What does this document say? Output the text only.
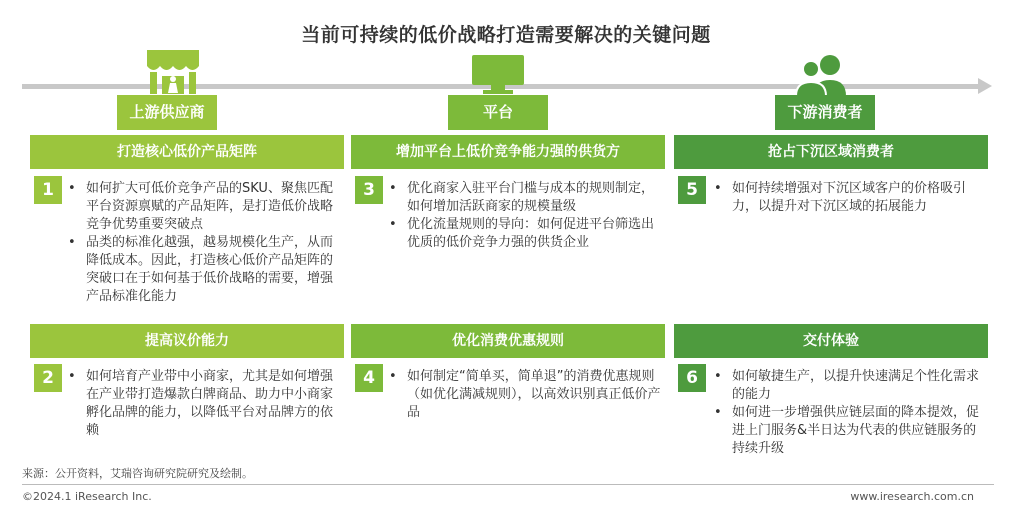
当前可持续的低价战略打造需要解决的关键问题
上游供应商	平台	下游消费者
打造核心低价产品矩阵	增加平台上低价竞争能力强的供货方	抢占下沉区域消费者
1	3	5
• 如何扩大可低价竞争产品的SKU、聚焦匹配平台资源禀赋的产品矩阵，是打造低价战略竞争优势重要突破点
• 品类的标准化越强，越易规模化生产，从而降低成本。因此，打造核心低价产品矩阵的突破口在于如何基于低价战略的需要，增强产品标准化能力
• 优化商家入驻平台门槛与成本的规则制定，如何增加活跃商家的规模量级
• 优化流量规则的导向：如何促进平台筛选出优质的低价竞争力强的供货企业
• 如何持续增强对下沉区域客户的价格吸引力，以提升对下沉区域的拓展能力
提高议价能力	优化消费优惠规则	交付体验
2	4	6
• 如何培育产业带中小商家，尤其是如何增强在产业带打造爆款白牌商品、助力中小商家孵化品牌的能力，以降低平台对品牌方的依赖
• 如何制定“简单买，简单退”的消费优惠规则（如优化满减规则），以高效识别真正低价产品
• 如何敏捷生产，以提升快速满足个性化需求的能力
• 如何进一步增强供应链层面的降本提效，促进上门服务&半日达为代表的供应链服务的持续升级
来源：公开资料，艾瑞咨询研究院研究及绘制。
©2024.1 iResearch Inc.	www.iresearch.com.cn
